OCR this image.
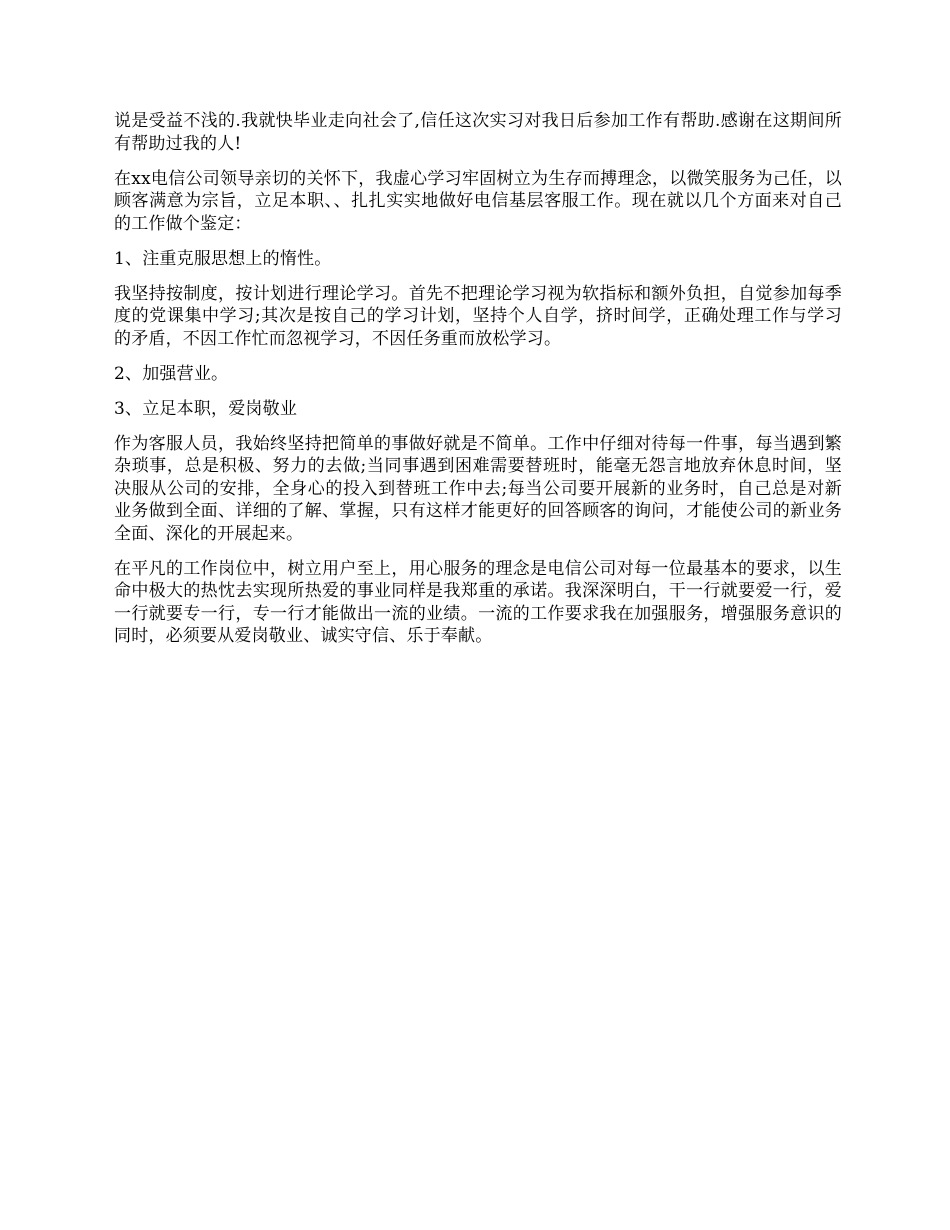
说是受益不浅的.我就快毕业走向社会了,信任这次实习对我日后参加工作有帮助.感谢在这期间所有帮助过我的人!

在xx电信公司领导亲切的关怀下，我虚心学习牢固树立为生存而搏理念，以微笑服务为己任，以顾客满意为宗旨，立足本职、、扎扎实实地做好电信基层客服工作。现在就以几个方面来对自己的工作做个鉴定：

1、注重克服思想上的惰性。

我坚持按制度，按计划进行理论学习。首先不把理论学习视为软指标和额外负担，自觉参加每季度的党课集中学习;其次是按自己的学习计划，坚持个人自学，挤时间学，正确处理工作与学习的矛盾，不因工作忙而忽视学习，不因任务重而放松学习。

2、加强营业。

3、立足本职，爱岗敬业

作为客服人员，我始终坚持把简单的事做好就是不简单。工作中仔细对待每一件事，每当遇到繁杂琐事，总是积极、努力的去做;当同事遇到困难需要替班时，能毫无怨言地放弃休息时间，坚决服从公司的安排，全身心的投入到替班工作中去;每当公司要开展新的业务时，自己总是对新业务做到全面、详细的了解、掌握，只有这样才能更好的回答顾客的询问，才能使公司的新业务全面、深化的开展起来。

在平凡的工作岗位中，树立用户至上，用心服务的理念是电信公司对每一位最基本的要求，以生命中极大的热忱去实现所热爱的事业同样是我郑重的承诺。我深深明白，干一行就要爱一行，爱一行就要专一行，专一行才能做出一流的业绩。一流的工作要求我在加强服务，增强服务意识的同时，必须要从爱岗敬业、诚实守信、乐于奉献。
